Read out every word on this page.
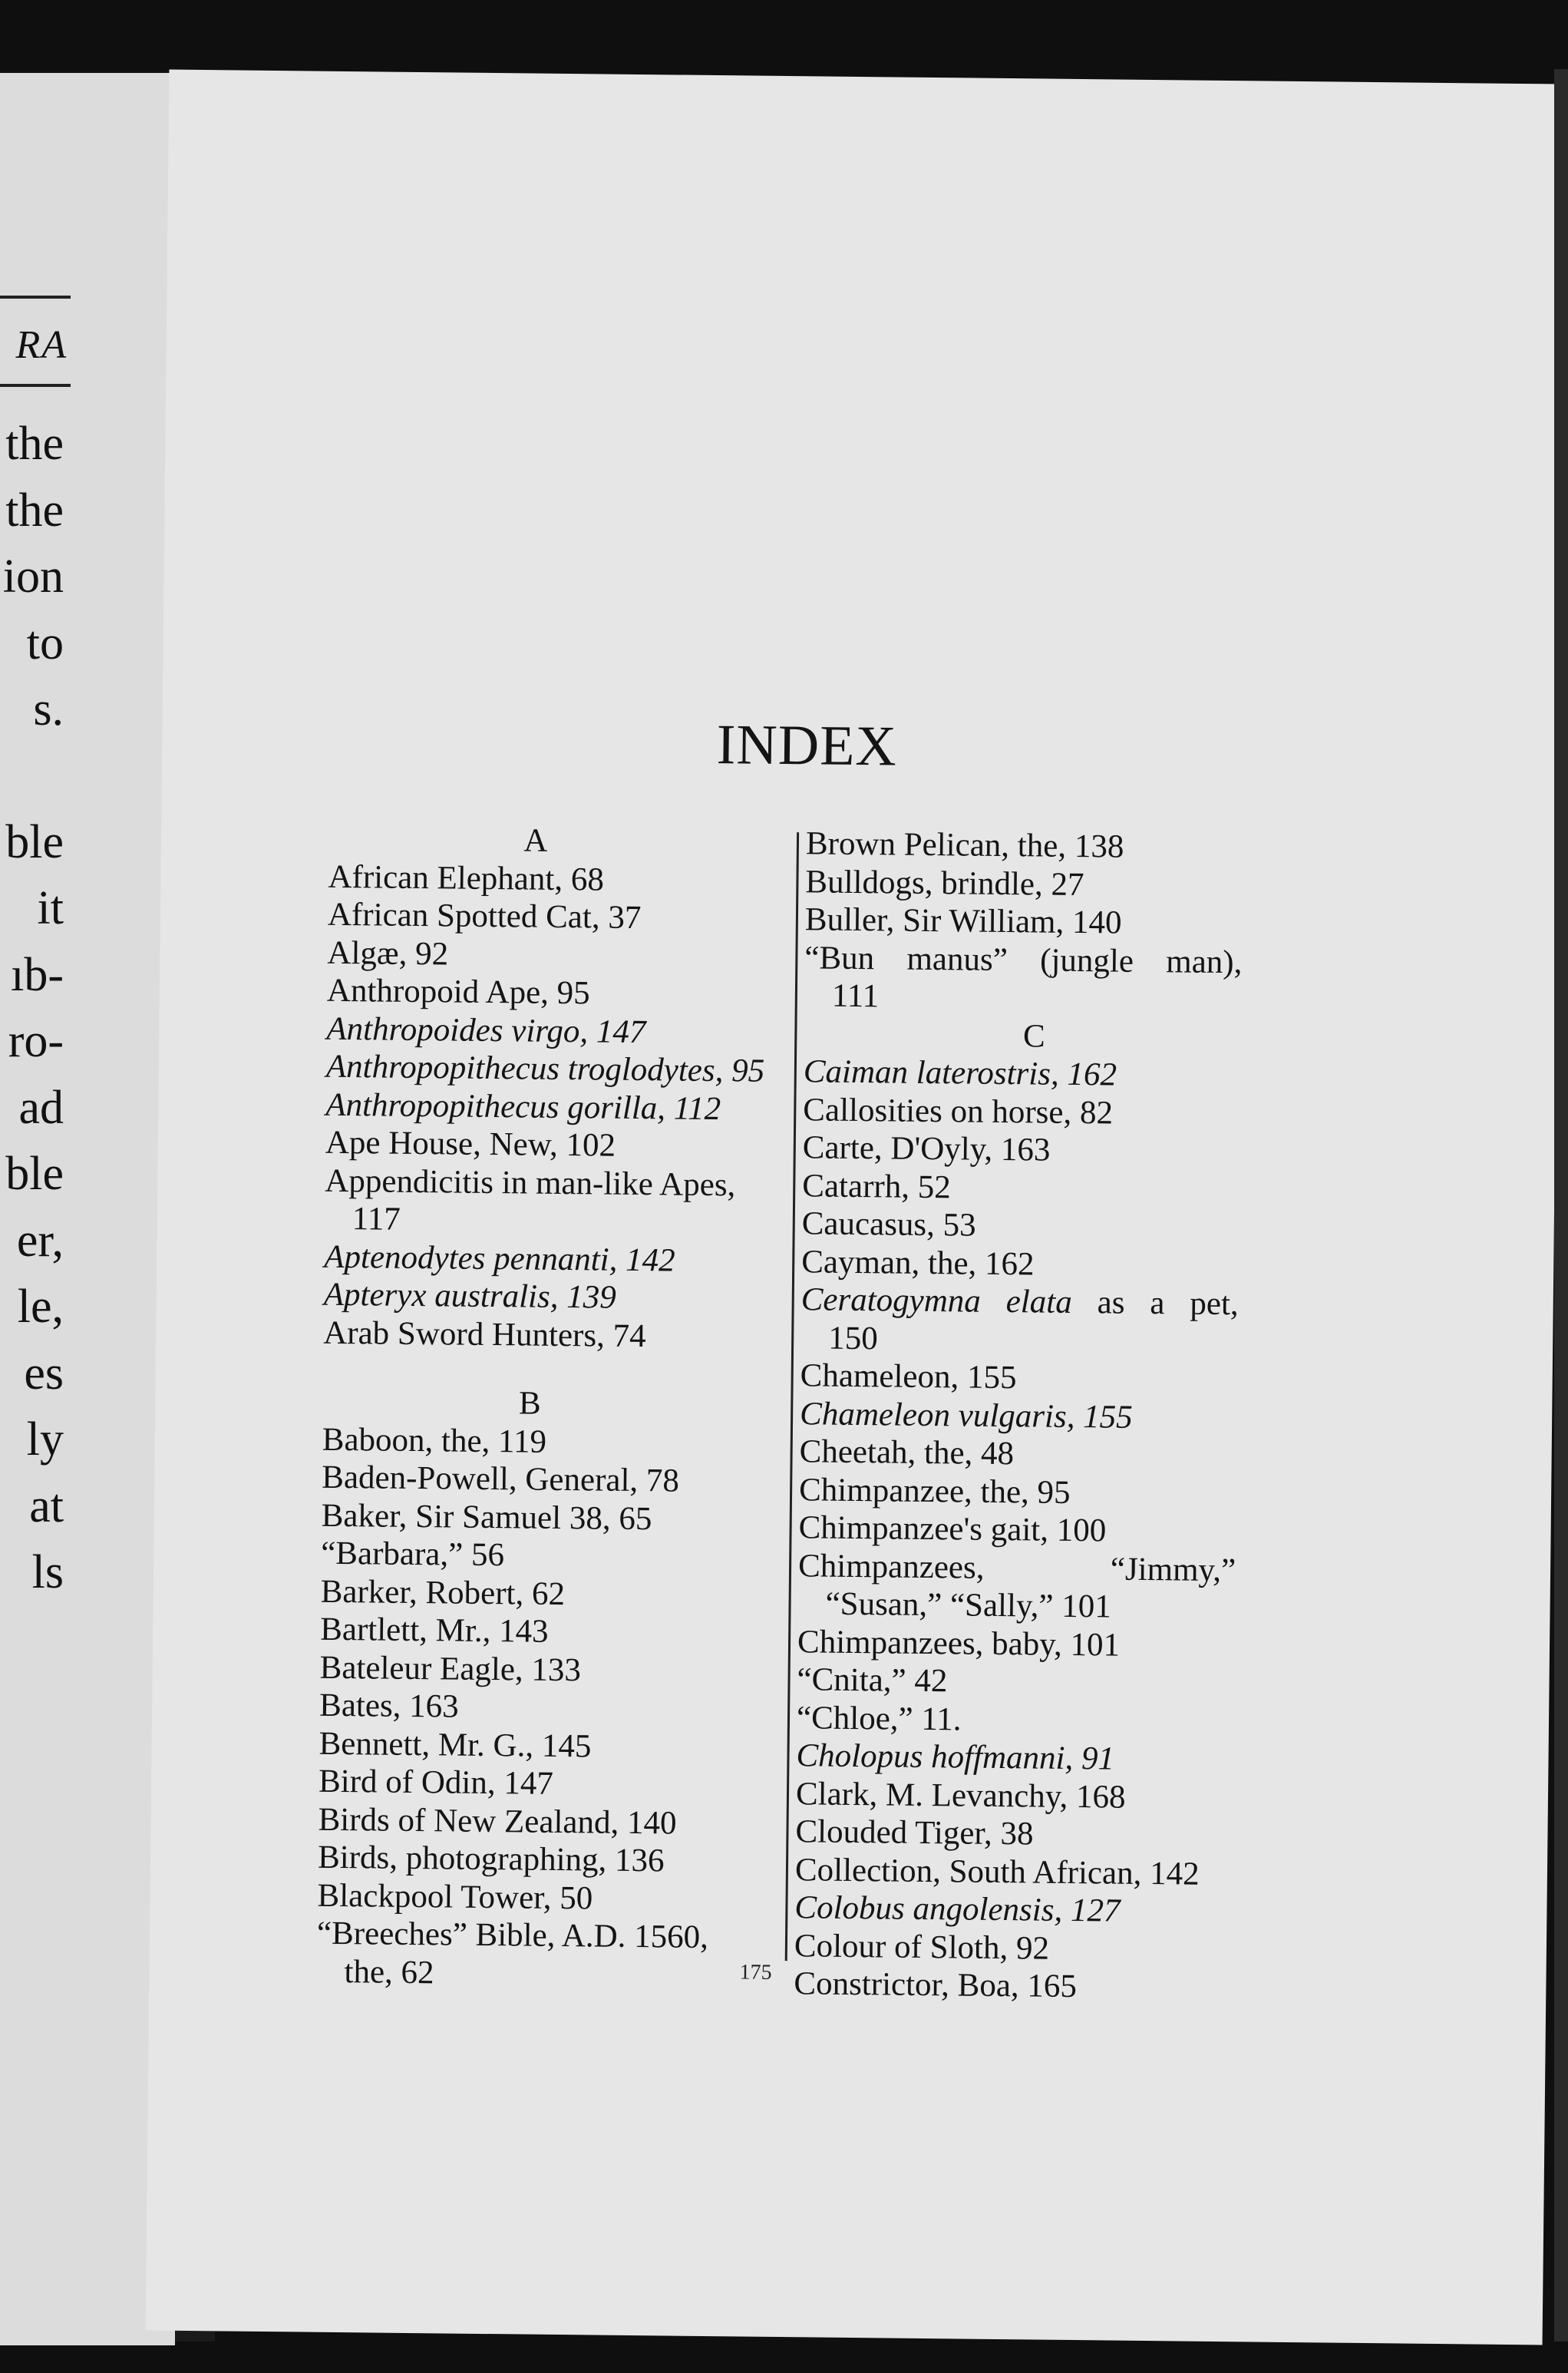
RA
the
the
ion
to
s.
ble
it
ıb-
ro-
ad
ble
er,
le,
es
ly
at
ls
INDEX
A
African Elephant, 68
African Spotted Cat, 37
Algæ, 92
Anthropoid Ape, 95
Anthropoides virgo, 147
Anthropopithecus troglodytes, 95
Anthropopithecus gorilla, 112
Ape House, New, 102
Appendicitis in man-like Apes,
117
Aptenodytes pennanti, 142
Apteryx australis, 139
Arab Sword Hunters, 74
B
Baboon, the, 119
Baden-Powell, General, 78
Baker, Sir Samuel 38, 65
“Barbara,” 56
Barker, Robert, 62
Bartlett, Mr., 143
Bateleur Eagle, 133
Bates, 163
Bennett, Mr. G., 145
Bird of Odin, 147
Birds of New Zealand, 140
Birds, photographing, 136
Blackpool Tower, 50
“Breeches” Bible, A.D. 1560,
the, 62
Brown Pelican, the, 138
Bulldogs, brindle, 27
Buller, Sir William, 140
“Bun manus” (jungle man),
111
C
Caiman laterostris, 162
Callosities on horse, 82
Carte, D'Oyly, 163
Catarrh, 52
Caucasus, 53
Cayman, the, 162
Ceratogymna elata as a pet,
150
Chameleon, 155
Chameleon vulgaris, 155
Cheetah, the, 48
Chimpanzee, the, 95
Chimpanzee's gait, 100
Chimpanzees,	“Jimmy,”
“Susan,” “Sally,” 101
Chimpanzees, baby, 101
“Cnita,” 42
“Chloe,” 11.
Cholopus hoffmanni, 91
Clark, M. Levanchy, 168
Clouded Tiger, 38
Collection, South African, 142
Colobus angolensis, 127
Colour of Sloth, 92
Constrictor, Boa, 165
175
